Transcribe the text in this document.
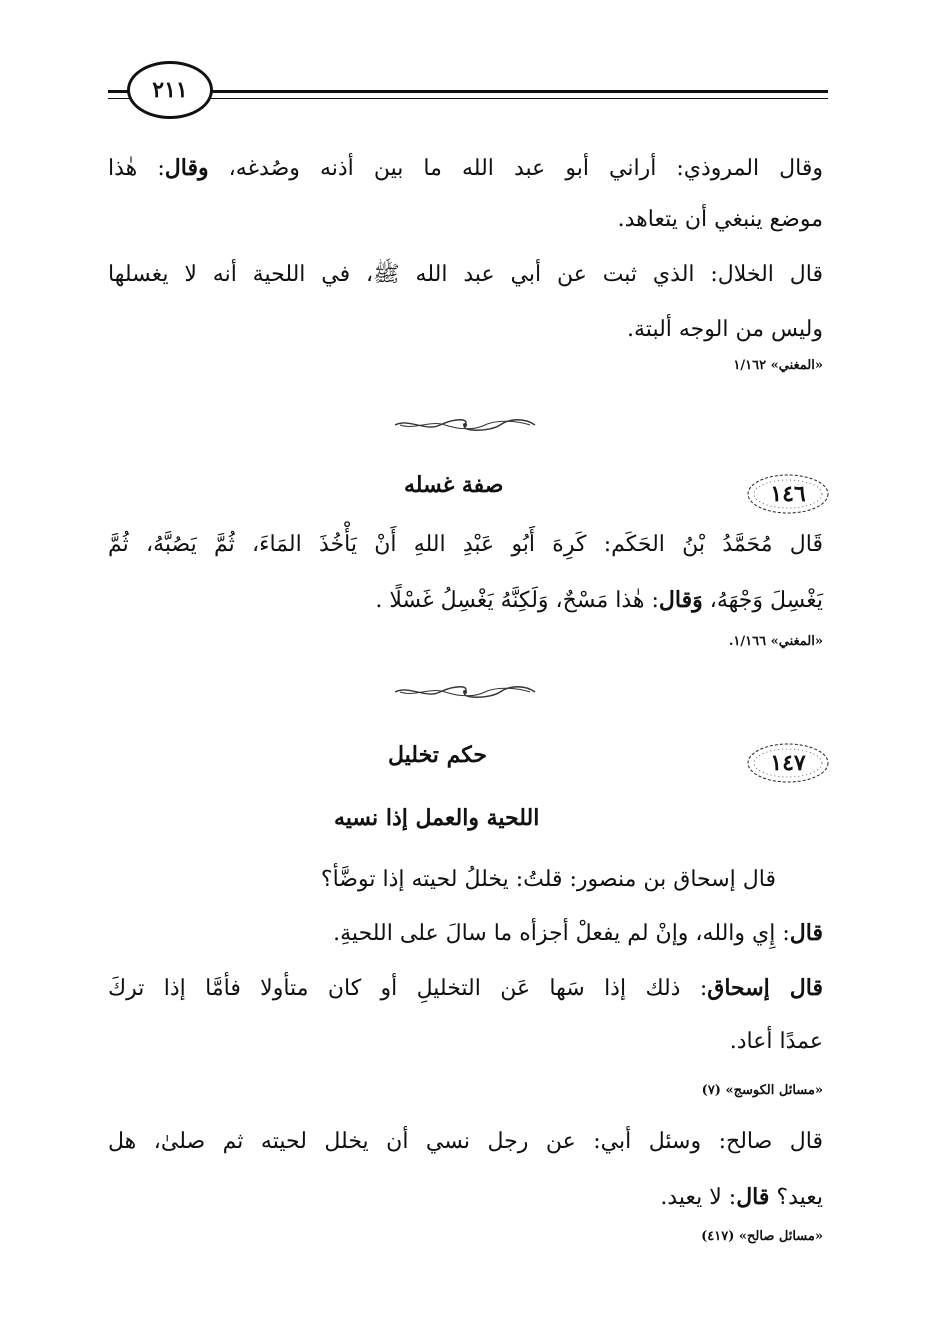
٢١١
وقال المروذي: أراني أبو عبد الله ما بين أذنه وصُدغه، وقال: هٰذا
موضع ينبغي أن يتعاهد.
قال الخلال: الذي ثبت عن أبي عبد الله ﷺ، في اللحية أنه لا يغسلها
وليس من الوجه ألبتة.
«المغني» ١/١٦٢
١٤٦
صفة غسله
قَال مُحَمَّدُ بْنُ الحَكَم: كَرِهَ أَبُو عَبْدِ اللهِ أَنْ يَأْخُذَ المَاءَ، ثُمَّ يَصُبَّهُ، ثُمَّ
يَغْسِلَ وَجْهَهُ، وَقال: هٰذا مَسْحٌ، وَلَكِنَّهُ يَغْسِلُ غَسْلًا .
«المغني» ١/١٦٦.
١٤٧
حكم تخليل
اللحية والعمل إذا نسيه
قال إسحاق بن منصور: قلتُ: يخللُ لحيته إذا توضَّأ؟
قال: إِي والله، وإنْ لم يفعلْ أجزأه ما سالَ على اللحيةِ.
قال إسحاق: ذلك إذا سَها عَن التخليلِ أو كان متأولا فأمَّا إذا تركَ
عمدًا أعاد.
«مسائل الكوسج» (٧)
قال صالح: وسئل أبي: عن رجل نسي أن يخلل لحيته ثم صلىٰ، هل
يعيد؟ قال: لا يعيد.
«مسائل صالح» (٤١٧)
